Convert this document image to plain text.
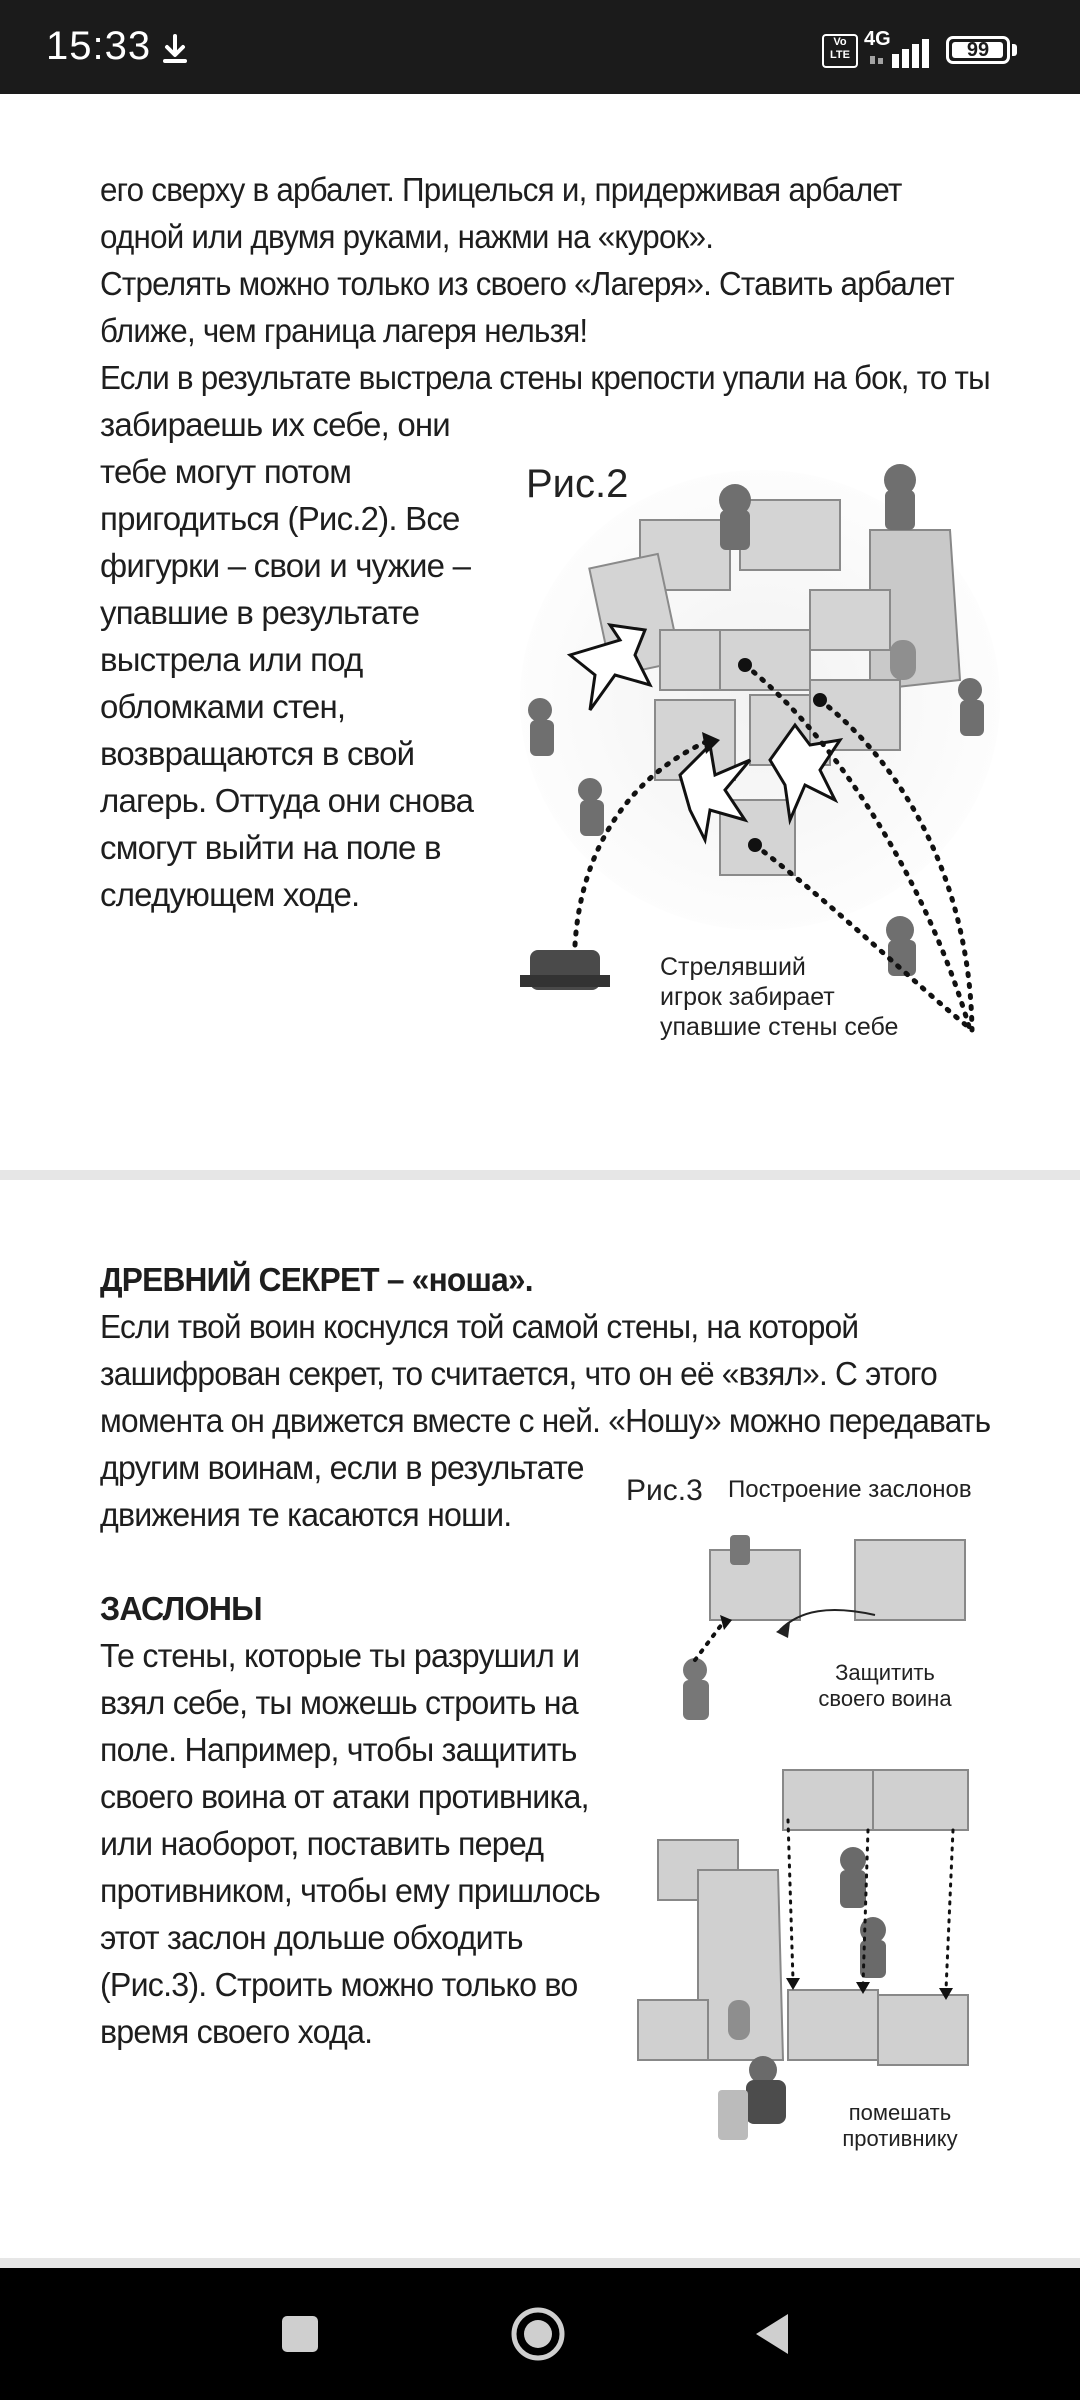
15:33	Vo LTE
4G	99

его сверху в арбалет. Прицелься и, придерживая арбалет

одной или двумя руками, нажми на «курок».

Стрелять можно только из своего «Лагеря». Ставить арбалет

ближе, чем граница лагеря нельзя!

Если в результате выстрела стены крепости упали на бок, то ты

забираешь их себе, они

тебе могут потом

пригодиться (Рис.2). Все

фигурки – свои и чужие –

упавшие в результате

выстрела или под

обломками стен,

возвращаются в свой

лагерь. Оттуда они снова

смогут выйти на поле в

следующем ходе.

Рис.2
Стрелявший
игрок забирает
упавшие стены себе

ДРЕВНИЙ СЕКРЕТ – «ноша».

Если твой воин коснулся той самой стены, на которой

зашифрован секрет, то считается, что он её «взял». С этого

момента он движется вместе с ней. «Ношу» можно передавать

другим воинам, если в результате

движения те касаются ноши.

ЗАСЛОНЫ

Те стены, которые ты разрушил и

взял себе, ты можешь строить на

поле. Например, чтобы защитить

своего воина от атаки противника,

или наоборот, поставить перед

противником, чтобы ему пришлось

этот заслон дольше обходить

(Рис.3). Строить можно только во

время своего хода.

Рис.3 Построение заслонов
Защитить
своего воина
помешать
противнику
